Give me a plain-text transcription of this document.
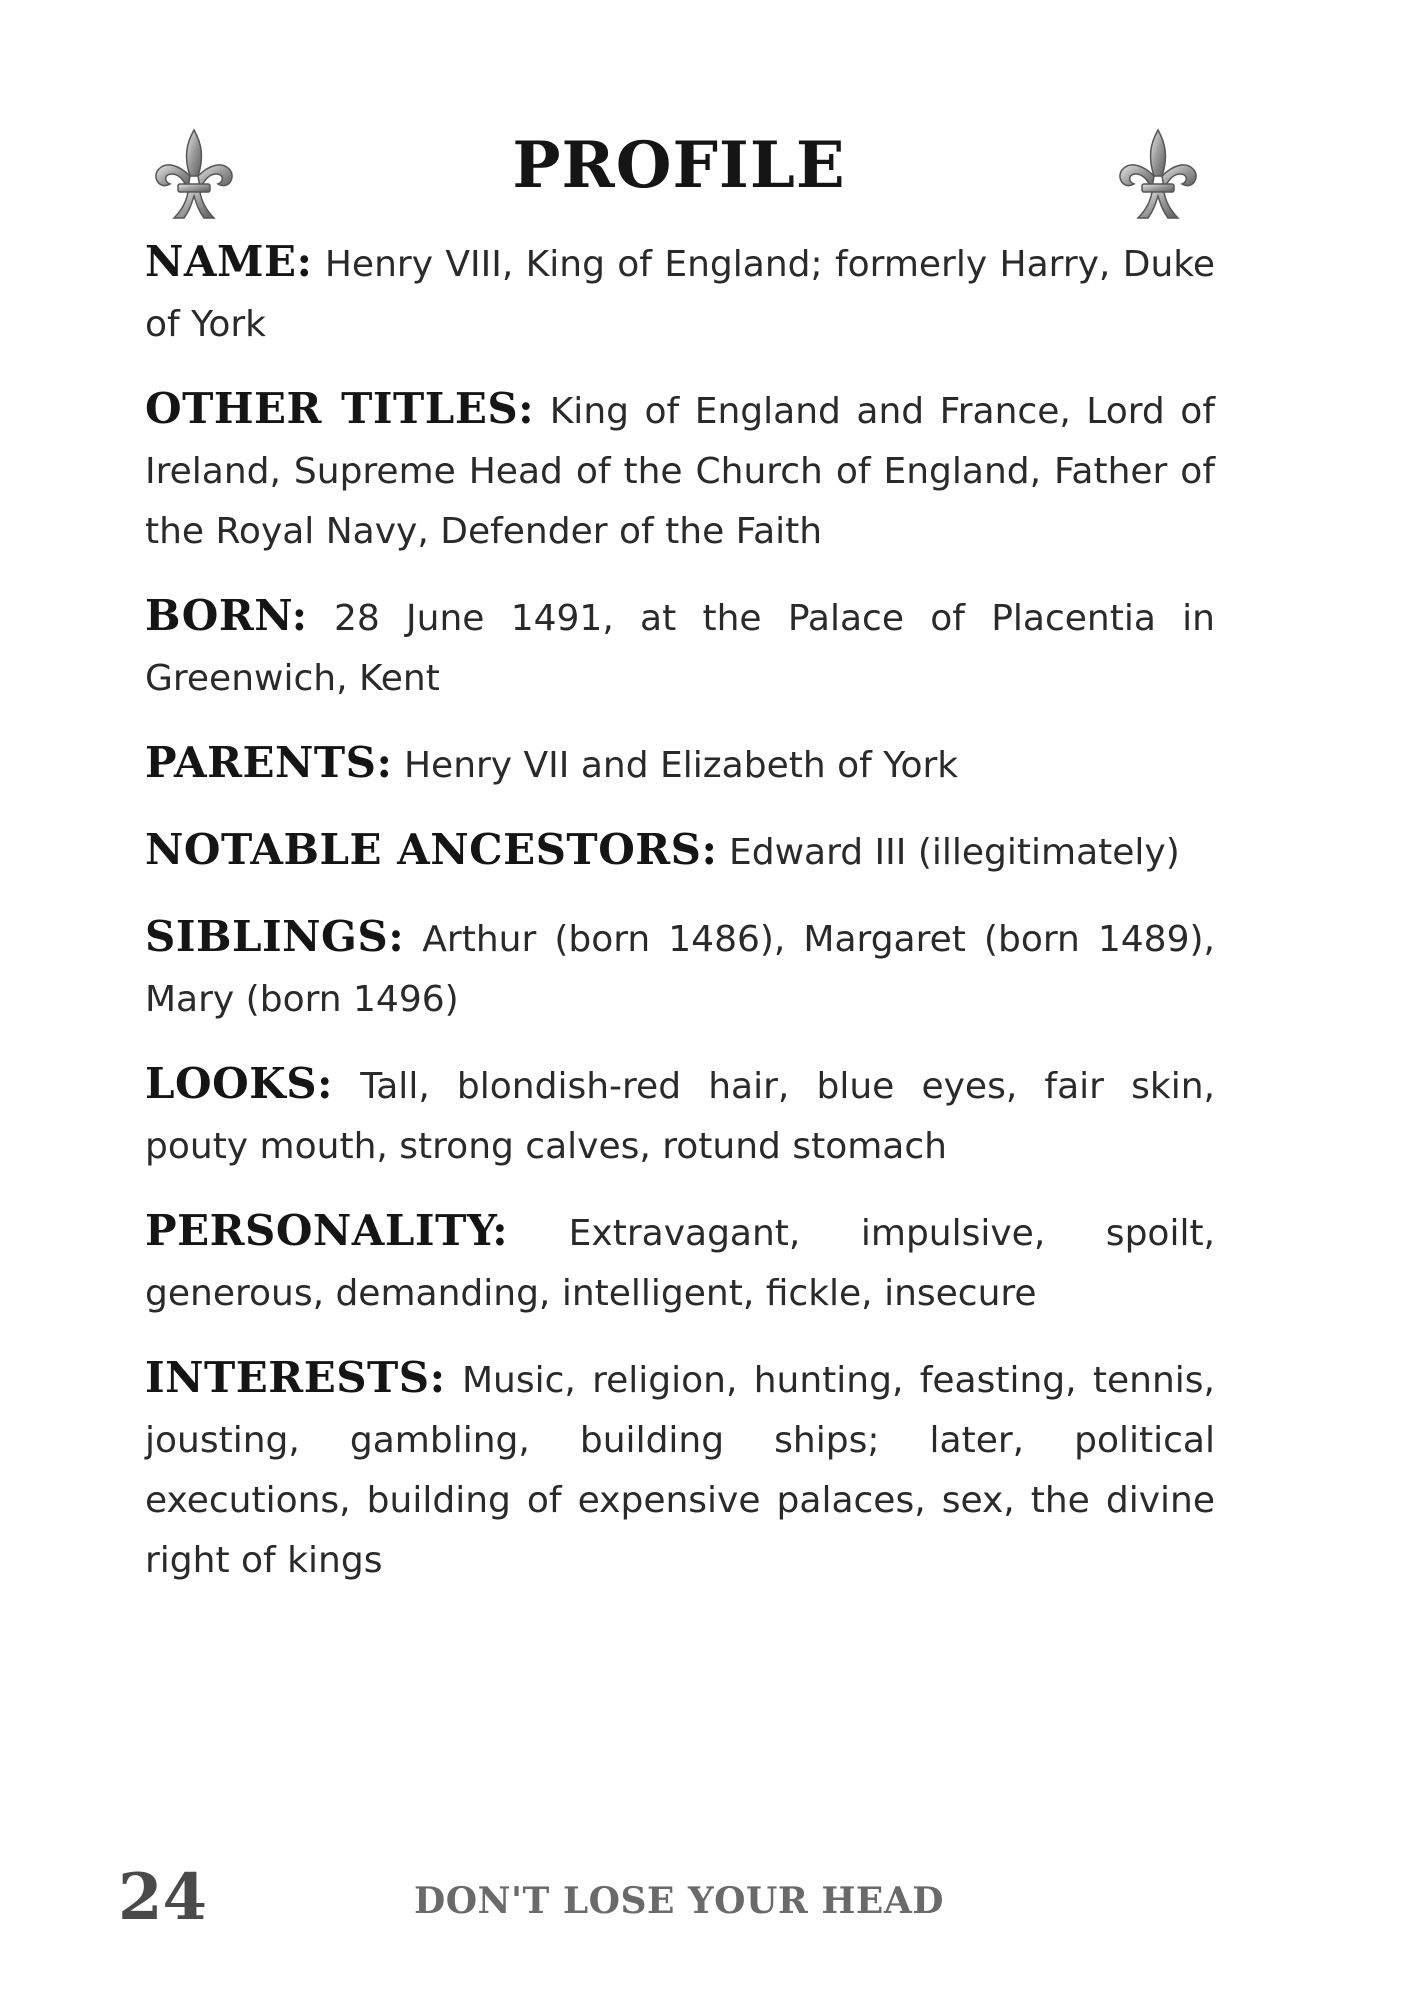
PROFILE

NAME: Henry VIII, King of England; formerly Harry, Duke of York

OTHER TITLES: King of England and France, Lord of Ireland, Supreme Head of the Church of England, Father of the Royal Navy, Defender of the Faith

BORN: 28 June 1491, at the Palace of Placentia in Greenwich, Kent

PARENTS: Henry VII and Elizabeth of York

NOTABLE ANCESTORS: Edward III (illegitimately)

SIBLINGS: Arthur (born 1486), Margaret (born 1489), Mary (born 1496)

LOOKS: Tall, blondish-red hair, blue eyes, fair skin, pouty mouth, strong calves, rotund stomach

PERSONALITY: Extravagant, impulsive, spoilt, generous, demanding, intelligent, fickle, insecure

INTERESTS: Music, religion, hunting, feasting, tennis, jousting, gambling, building ships; later, political executions, building of expensive palaces, sex, the divine right of kings

24	DON'T LOSE YOUR HEAD
